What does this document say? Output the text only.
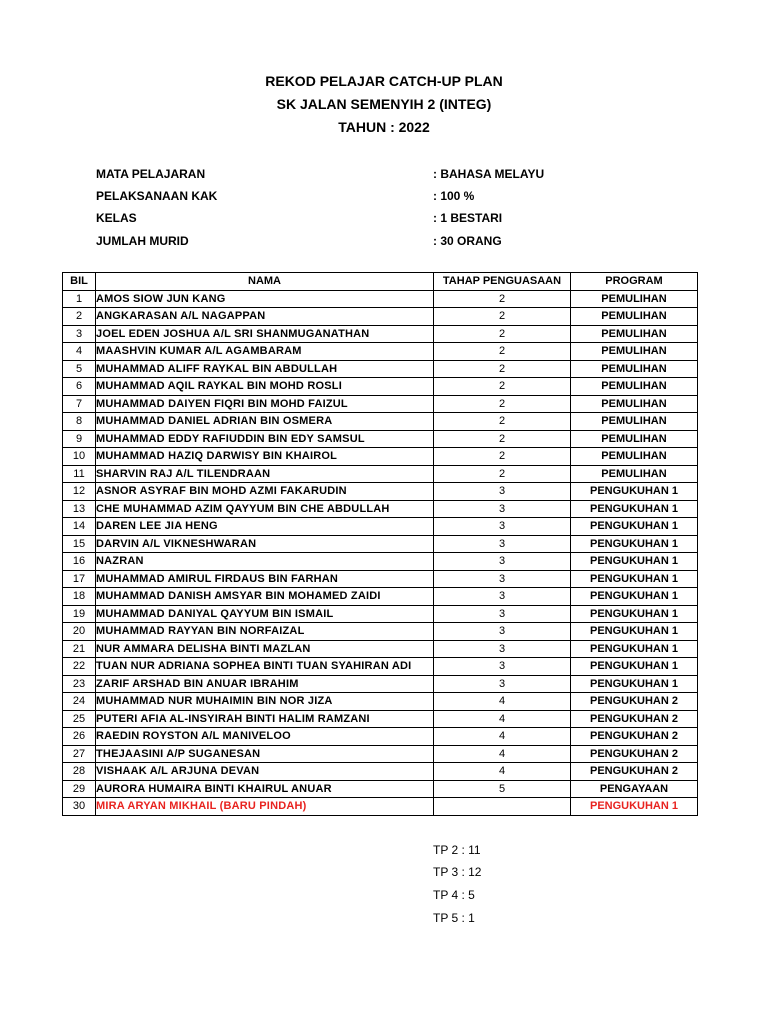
REKOD PELAJAR CATCH-UP PLAN
SK JALAN SEMENYIH 2 (INTEG)
TAHUN : 2022
MATA PELAJARAN	: BAHASA MELAYU
PELAKSANAAN KAK	: 100 %
KELAS	: 1 BESTARI
JUMLAH MURID	: 30 ORANG
BIL	NAMA	TAHAP PENGUASAAN	PROGRAM
1	AMOS SIOW JUN KANG	2	PEMULIHAN
2	ANGKARASAN A/L NAGAPPAN	2	PEMULIHAN
3	JOEL EDEN JOSHUA A/L SRI SHANMUGANATHAN	2	PEMULIHAN
4	MAASHVIN KUMAR A/L AGAMBARAM	2	PEMULIHAN
5	MUHAMMAD ALIFF RAYKAL BIN ABDULLAH	2	PEMULIHAN
6	MUHAMMAD AQIL RAYKAL BIN MOHD ROSLI	2	PEMULIHAN
7	MUHAMMAD DAIYEN FIQRI BIN MOHD FAIZUL	2	PEMULIHAN
8	MUHAMMAD DANIEL ADRIAN BIN OSMERA	2	PEMULIHAN
9	MUHAMMAD EDDY RAFIUDDIN BIN EDY SAMSUL	2	PEMULIHAN
10	MUHAMMAD HAZIQ DARWISY BIN KHAIROL	2	PEMULIHAN
11	SHARVIN RAJ A/L TILENDRAAN	2	PEMULIHAN
12	ASNOR ASYRAF BIN MOHD AZMI FAKARUDIN	3	PENGUKUHAN 1
13	CHE MUHAMMAD AZIM QAYYUM BIN CHE ABDULLAH	3	PENGUKUHAN 1
14	DAREN LEE JIA HENG	3	PENGUKUHAN 1
15	DARVIN A/L VIKNESHWARAN	3	PENGUKUHAN 1
16	NAZRAN	3	PENGUKUHAN 1
17	MUHAMMAD AMIRUL FIRDAUS BIN FARHAN	3	PENGUKUHAN 1
18	MUHAMMAD DANISH AMSYAR BIN MOHAMED ZAIDI	3	PENGUKUHAN 1
19	MUHAMMAD DANIYAL QAYYUM BIN ISMAIL	3	PENGUKUHAN 1
20	MUHAMMAD RAYYAN BIN NORFAIZAL	3	PENGUKUHAN 1
21	NUR AMMARA DELISHA BINTI MAZLAN	3	PENGUKUHAN 1
22	TUAN NUR ADRIANA SOPHEA BINTI TUAN SYAHIRAN ADI	3	PENGUKUHAN 1
23	ZARIF ARSHAD BIN ANUAR IBRAHIM	3	PENGUKUHAN 1
24	MUHAMMAD NUR MUHAIMIN BIN NOR JIZA	4	PENGUKUHAN 2
25	PUTERI AFIA AL-INSYIRAH BINTI HALIM RAMZANI	4	PENGUKUHAN 2
26	RAEDIN ROYSTON A/L MANIVELOO	4	PENGUKUHAN 2
27	THEJAASINI A/P SUGANESAN	4	PENGUKUHAN 2
28	VISHAAK A/L ARJUNA DEVAN	4	PENGUKUHAN 2
29	AURORA HUMAIRA BINTI KHAIRUL ANUAR	5	PENGAYAAN
30	MIRA ARYAN MIKHAIL (BARU PINDAH)		PENGUKUHAN 1
TP 2 : 11
TP 3 : 12
TP 4 : 5
TP 5 : 1
